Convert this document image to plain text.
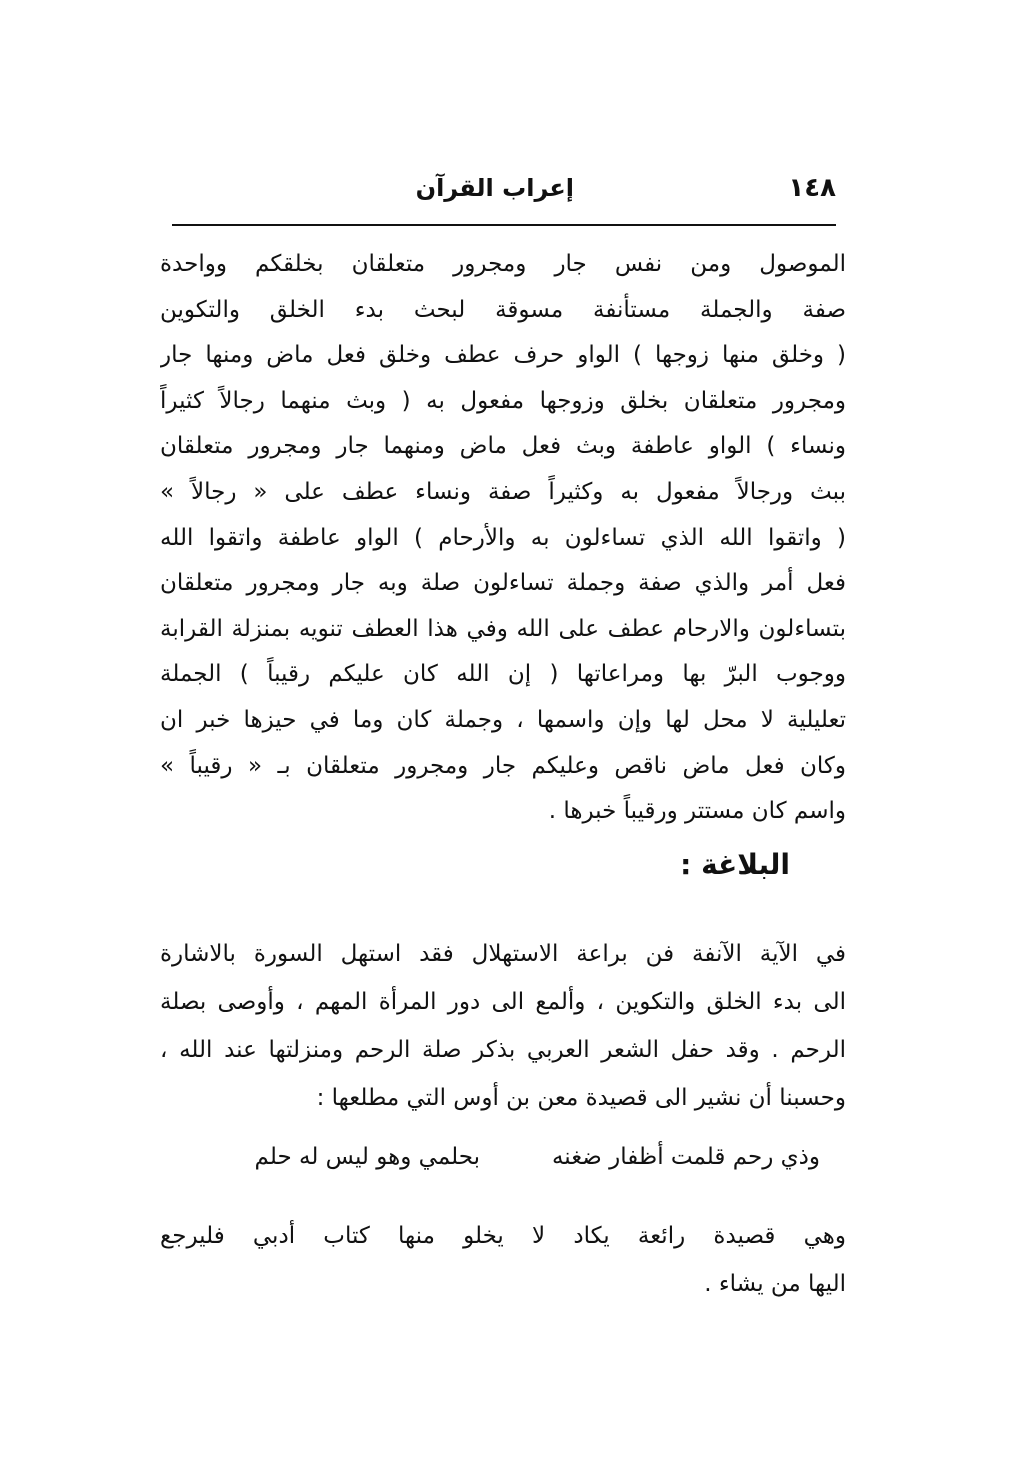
١٤٨
إعراب القرآن
الموصول ومن نفس جار ومجرور متعلقان بخلقكم وواحدة
صفة والجملة مستأنفة مسوقة لبحث بدء الخلق والتكوين
( وخلق منها زوجها ) الواو حرف عطف وخلق فعل ماض ومنها جار
ومجرور متعلقان بخلق وزوجها مفعول به ( وبث منهما رجالاً كثيراً
ونساء ) الواو عاطفة وبث فعل ماض ومنهما جار ومجرور متعلقان
ببث ورجالاً مفعول به وكثيراً صفة ونساء عطف على « رجالاً »
( واتقوا الله الذي تساءلون به والأرحام ) الواو عاطفة واتقوا الله
فعل أمر والذي صفة وجملة تساءلون صلة وبه جار ومجرور متعلقان
بتساءلون والارحام عطف على الله وفي هذا العطف تنويه بمنزلة القرابة
ووجوب البرّ بها ومراعاتها ( إن الله كان عليكم رقيباً ) الجملة
تعليلية لا محل لها وإن واسمها ، وجملة كان وما في حيزها خبر ان
وكان فعل ماض ناقص وعليكم جار ومجرور متعلقان بـ « رقيباً »
واسم كان مستتر ورقيباً خبرها .
البلاغة :
في الآية الآنفة فن براعة الاستهلال فقد استهل السورة بالاشارة
الى بدء الخلق والتكوين ، وألمع الى دور المرأة المهم ، وأوصى بصلة
الرحم . وقد حفل الشعر العربي بذكر صلة الرحم ومنزلتها عند الله ،
وحسبنا أن نشير الى قصيدة معن بن أوس التي مطلعها :
وذي رحم قلمت أظفار ضغنه
بحلمي وهو ليس له حلم
وهي قصيدة رائعة يكاد لا يخلو منها كتاب أدبي فليرجع
اليها من يشاء .
